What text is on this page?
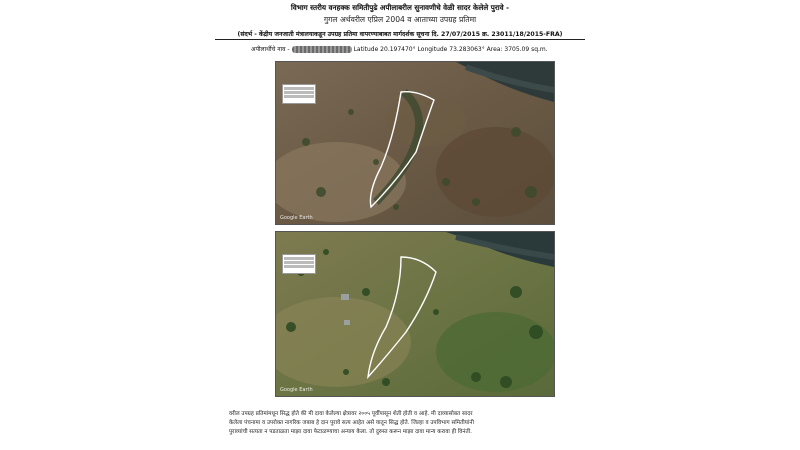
विभाग स्तरीय वनहक्क समितीपुढे अपीलाबरील सुनावणीचे वेळी सादर केलेले पुरावे -
गुगल अर्थवरील एप्रिल 2004 व आताच्या उपग्रह प्रतिमा
(संदर्भ - केंद्रीय जनजाती मंत्रालयाकडून उपग्रह प्रतिमा वापरण्याबाबत मार्गदर्शक सूचना दि. 27/07/2015 क्र. 23011/18/2015-FRA)
अपीलार्थीचे नाव -	Latitude 20.197470° Longitude 73.283063° Area: 3705.09 sq.m.
Google Earth
Google Earth
वरील उपग्रह प्रतिमांमधून सिद्ध होते की मी दावा केलेल्या क्षेत्रावर २००५ पूर्वीपासून शेती होती व आहे. मी दाव्यासोबत सादर
केलेला पंचनामा व उपरोक्त नागरिक जबाब हे दान पुरावे सत्य आहेत असे यातून सिद्ध होते. जिल्हा व उपविभाग समितीयांनी
पुराव्यांची सत्यता न पडताळता माझा दावा फेटाळण्याचा अन्याय केला. तो दुरुस्त करून माझा दावा मान्य करावा ही विनंती.
